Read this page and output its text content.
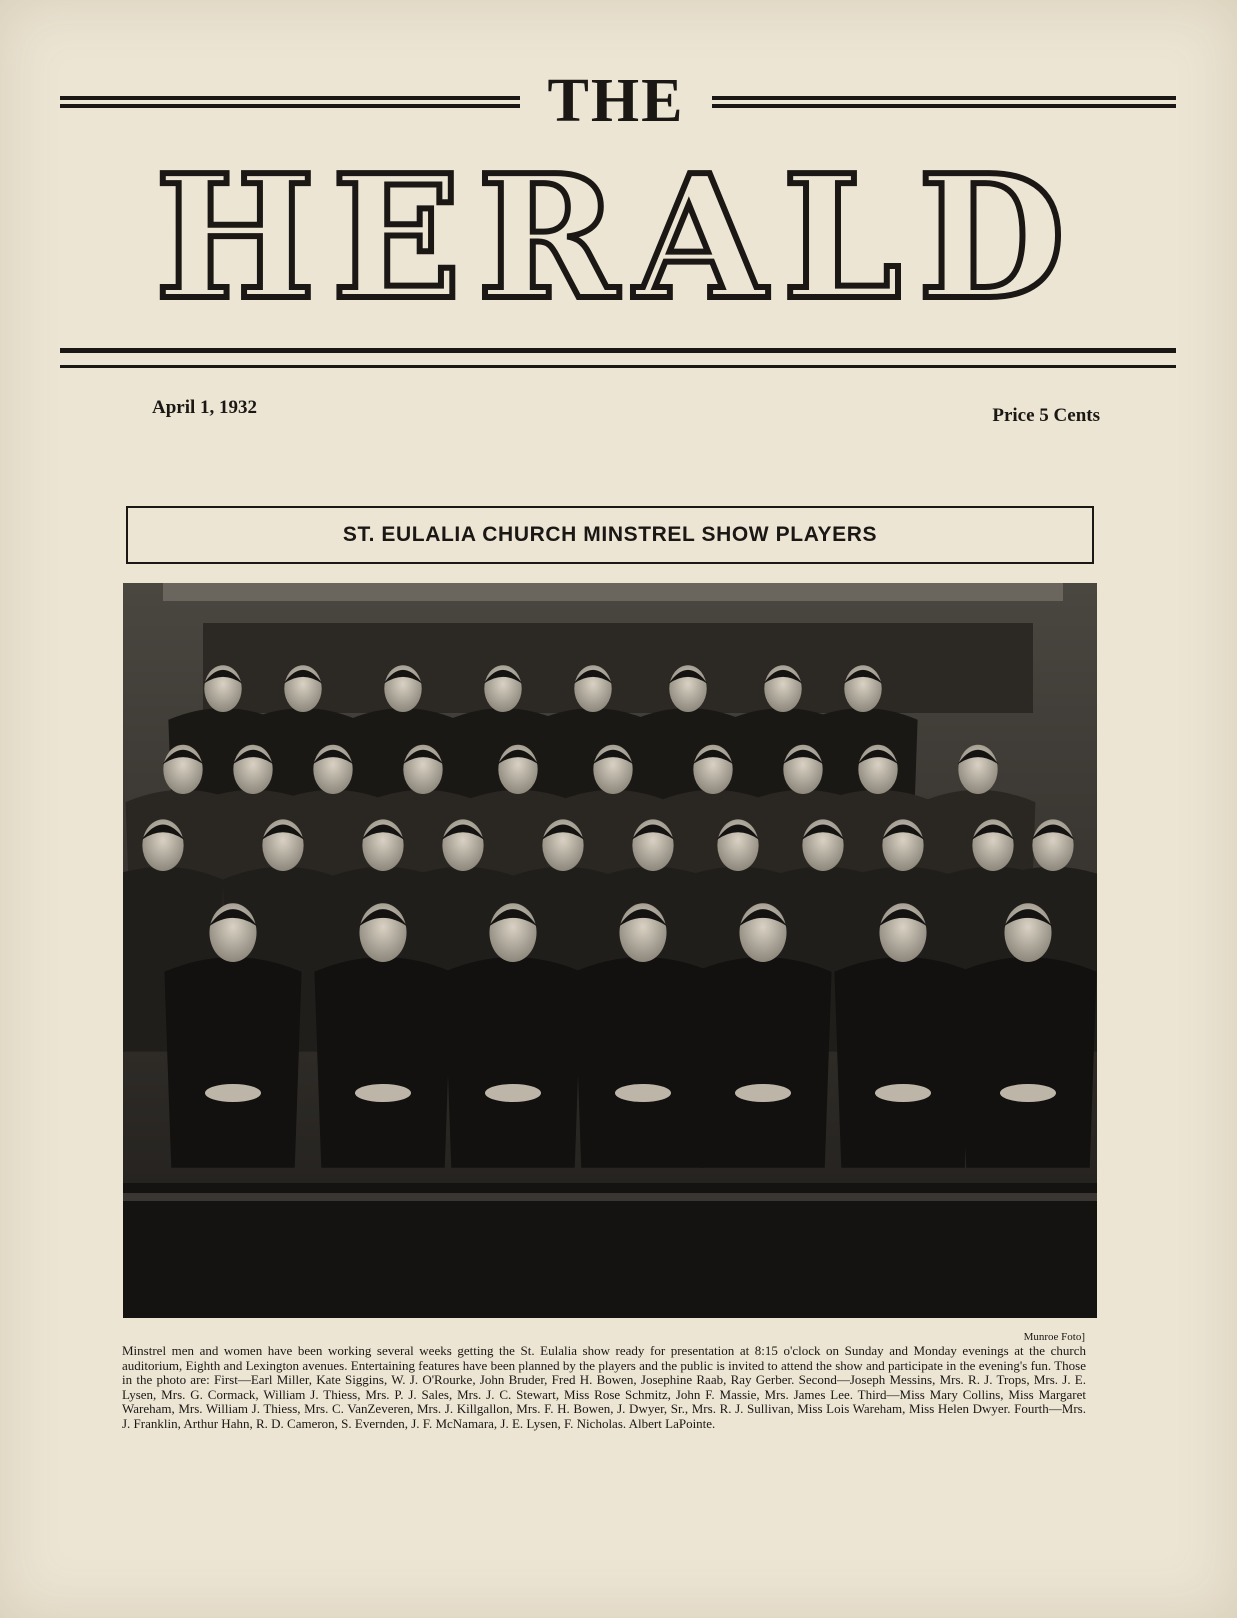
THE
HERALD
April 1, 1932	Price 5 Cents
ST. EULALIA CHURCH MINSTREL SHOW PLAYERS
Munroe Foto]
Minstrel men and women have been working several weeks getting the St. Eulalia show ready for presentation at 8:15 o'clock on Sunday and Monday evenings at the church auditorium, Eighth and Lexington avenues. Entertaining features have been planned by the players and the public is invited to attend the show and participate in the evening's fun. Those in the photo are: First—Earl Miller, Kate Siggins, W. J. O'Rourke, John Bruder, Fred H. Bowen, Josephine Raab, Ray Gerber. Second—Joseph Messins, Mrs. R. J. Trops, Mrs. J. E. Lysen, Mrs. G. Cormack, William J. Thiess, Mrs. P. J. Sales, Mrs. J. C. Stewart, Miss Rose Schmitz, John F. Massie, Mrs. James Lee. Third—Miss Mary Collins, Miss Margaret Wareham, Mrs. William J. Thiess, Mrs. C. VanZeveren, Mrs. J. Killgallon, Mrs. F. H. Bowen, J. Dwyer, Sr., Mrs. R. J. Sullivan, Miss Lois Wareham, Miss Helen Dwyer. Fourth—Mrs. J. Franklin, Arthur Hahn, R. D. Cameron, S. Evernden, J. F. McNamara, J. E. Lysen, F. Nicholas. Albert LaPointe.
